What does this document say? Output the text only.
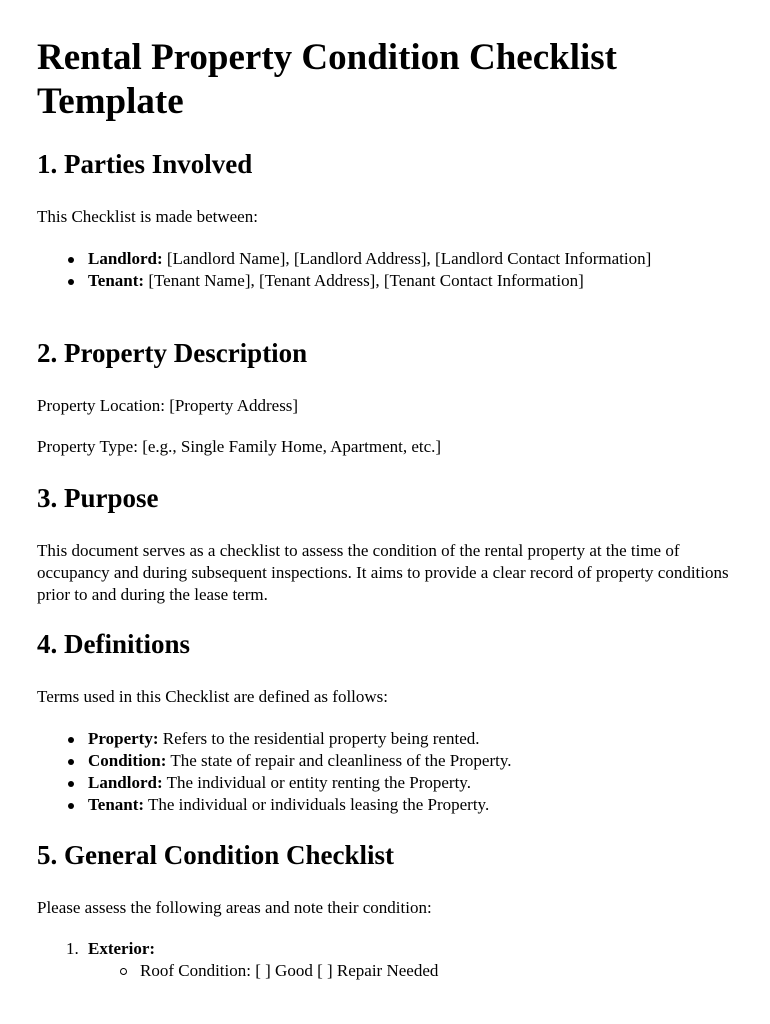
Rental Property Condition Checklist Template
1. Parties Involved

This Checklist is made between:

Landlord: [Landlord Name], [Landlord Address], [Landlord Contact Information]
Tenant: [Tenant Name], [Tenant Address], [Tenant Contact Information]
2. Property Description

Property Location: [Property Address]

Property Type: [e.g., Single Family Home, Apartment, etc.]

3. Purpose

This document serves as a checklist to assess the condition of the rental property at the time of occupancy and during subsequent inspections. It aims to provide a clear record of property conditions prior to and during the lease term.

4. Definitions

Terms used in this Checklist are defined as follows:

Property: Refers to the residential property being rented.
Condition: The state of repair and cleanliness of the Property.
Landlord: The individual or entity renting the Property.
Tenant: The individual or individuals leasing the Property.
5. General Condition Checklist

Please assess the following areas and note their condition:

1. Exterior:
Roof Condition: [ ] Good [ ] Repair Needed
